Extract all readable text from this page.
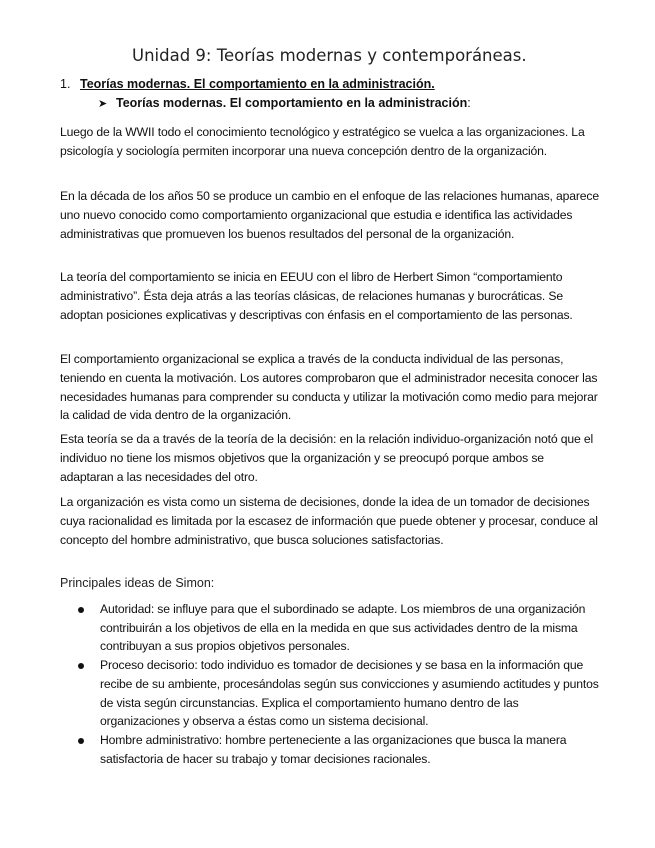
Unidad 9: Teorías modernas y contemporáneas.
1. Teorías modernas. El comportamiento en la administración.
➤ Teorías modernas. El comportamiento en la administración:

Luego de la WWII todo el conocimiento tecnológico y estratégico se vuelca a las organizaciones. La psicología y sociología permiten incorporar una nueva concepción dentro de la organización.

En la década de los años 50 se produce un cambio en el enfoque de las relaciones humanas, aparece uno nuevo conocido como comportamiento organizacional que estudia e identifica las actividades administrativas que promueven los buenos resultados del personal de la organización.

La teoría del comportamiento se inicia en EEUU con el libro de Herbert Simon “comportamiento administrativo”. Ésta deja atrás a las teorías clásicas, de relaciones humanas y burocráticas. Se adoptan posiciones explicativas y descriptivas con énfasis en el comportamiento de las personas.

El comportamiento organizacional se explica a través de la conducta individual de las personas, teniendo en cuenta la motivación. Los autores comprobaron que el administrador necesita conocer las necesidades humanas para comprender su conducta y utilizar la motivación como medio para mejorar la calidad de vida dentro de la organización.

Esta teoría se da a través de la teoría de la decisión: en la relación individuo-organización notó que el individuo no tiene los mismos objetivos que la organización y se preocupó porque ambos se adaptaran a las necesidades del otro.

La organización es vista como un sistema de decisiones, donde la idea de un tomador de decisiones cuya racionalidad es limitada por la escasez de información que puede obtener y procesar, conduce al concepto del hombre administrativo, que busca soluciones satisfactorias.

Principales ideas de Simon:
Autoridad: se influye para que el subordinado se adapte. Los miembros de una organización contribuirán a los objetivos de ella en la medida en que sus actividades dentro de la misma contribuyan a sus propios objetivos personales.
Proceso decisorio: todo individuo es tomador de decisiones y se basa en la información que recibe de su ambiente, procesándolas según sus convicciones y asumiendo actitudes y puntos de vista según circunstancias. Explica el comportamiento humano dentro de las organizaciones y observa a éstas como un sistema decisional.
Hombre administrativo: hombre perteneciente a las organizaciones que busca la manera satisfactoria de hacer su trabajo y tomar decisiones racionales.
